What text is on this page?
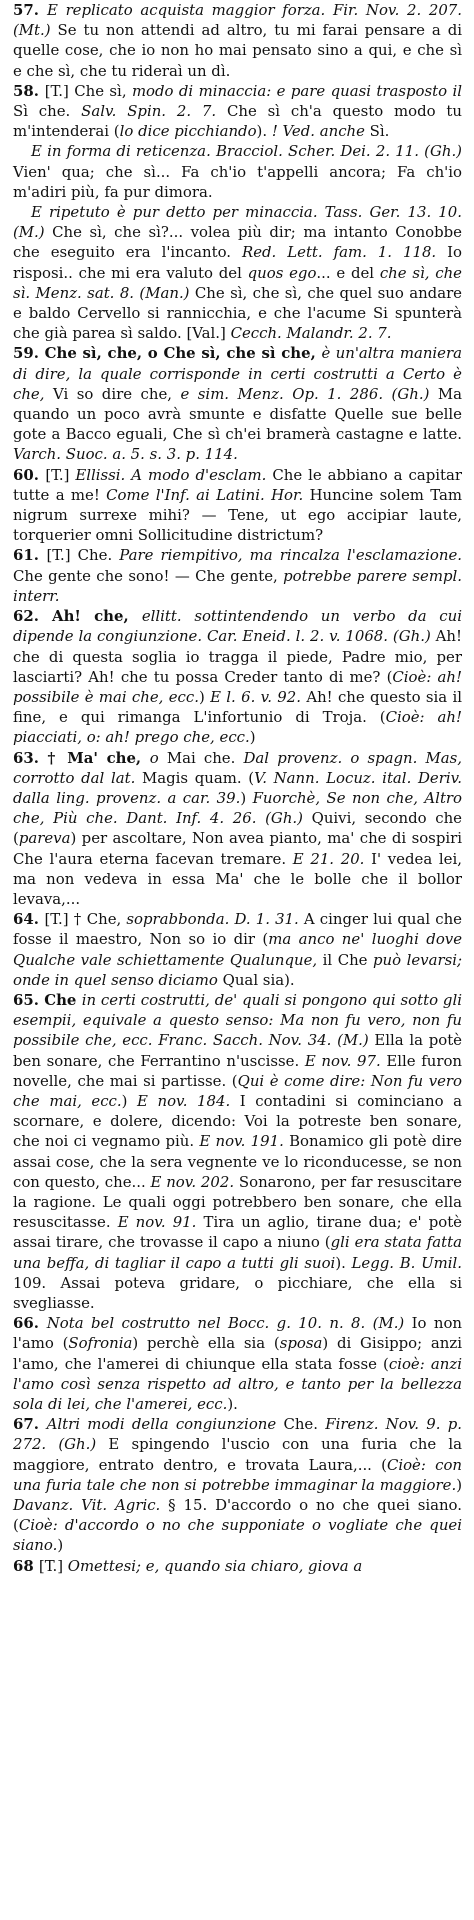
57. E replicato acquista maggior forza. Fir. Nov. 2. 207. (Mt.) Se tu non attendi ad altro, tu mi farai pensare a di quelle cose, che io non ho mai pensato sino a qui, e che sì e che sì, che tu rideraì un dì.

58. [T.] Che sì, modo di minaccia: e pare quasi trasposto il Sì che. Salv. Spin. 2. 7. Che sì ch'a questo modo tu m'intenderai (lo dice picchiando). ! Ved. anche Sì.

E in forma di reticenza. Bracciol. Scher. Dei. 2. 11. (Gh.) Vien' qua; che sì... Fa ch'io t'appelli ancora; Fa ch'io m'adiri più, fa pur dimora.

E ripetuto è pur detto per minaccia. Tass. Ger. 13. 10. (M.) Che sì, che sì?... volea più dir; ma intanto Conobbe che eseguito era l'incanto. Red. Lett. fam. 1. 118. Io risposi.. che mi era valuto del quos ego... e del che sì, che sì. Menz. sat. 8. (Man.) Che sì, che sì, che quel suo andare e baldo Cervello si rannicchia, e che l'acume Si spunterà che già parea sì saldo. [Val.] Cecch. Malandr. 2. 7.

59. Che sì, che, o Che sì, che sì che, è un'altra maniera di dire, la quale corrisponde in certi costrutti a Certo è che, Vi so dire che, e sim. Menz. Op. 1. 286. (Gh.) Ma quando un poco avrà smunte e disfatte Quelle sue belle gote a Bacco eguali, Che sì ch'ei bramerà castagne e latte. Varch. Suoc. a. 5. s. 3. p. 114.

60. [T.] Ellissi. A modo d'esclam. Che le abbiano a capitar tutte a me! Come l'Inf. ai Latini. Hor. Huncine solem Tam nigrum surrexe mihi? — Tene, ut ego accipiar laute, torquerier omni Sollicitudine districtum?

61. [T.] Che. Pare riempitivo, ma rincalza l'esclamazione. Che gente che sono! — Che gente, potrebbe parere sempl. interr.

62. Ah! che, ellitt. sottintendendo un verbo da cui dipende la congiunzione. Car. Eneid. l. 2. v. 1068. (Gh.) Ah! che di questa soglia io tragga il piede, Padre mio, per lasciarti? Ah! che tu possa Creder tanto di me? (Cioè: ah! possibile è mai che, ecc.) E l. 6. v. 92. Ah! che questo sia il fine, e qui rimanga L'infortunio di Troja. (Cioè: ah! piacciati, o: ah! prego che, ecc.)

63. † Ma' che, o Mai che. Dal provenz. o spagn. Mas, corrotto dal lat. Magis quam. (V. Nann. Locuz. ital. Deriv. dalla ling. provenz. a car. 39.) Fuorchè, Se non che, Altro che, Più che. Dant. Inf. 4. 26. (Gh.) Quivi, secondo che (pareva) per ascoltare, Non avea pianto, ma' che di sospiri Che l'aura eterna facevan tremare. E 21. 20. I' vedea lei, ma non vedeva in essa Ma' che le bolle che il bollor levava,...

64. [T.] † Che, soprabbonda. D. 1. 31. A cinger lui qual che fosse il maestro, Non so io dir (ma anco ne' luoghi dove Qualche vale schiettamente Qualunque, il Che può levarsi; onde in quel senso diciamo Qual sia).

65. Che in certi costrutti, de' quali si pongono qui sotto gli esempii, equivale a questo senso: Ma non fu vero, non fu possibile che, ecc. Franc. Sacch. Nov. 34. (M.) Ella la potè ben sonare, che Ferrantino n'uscisse. E nov. 97. Elle furon novelle, che mai si partisse. (Qui è come dire: Non fu vero che mai, ecc.) E nov. 184. I contadini si cominciano a scornare, e dolere, dicendo: Voi la potreste ben sonare, che noi ci vegnamo più. E nov. 191. Bonamico gli potè dire assai cose, che la sera vegnente ve lo riconducesse, se non con questo, che... E nov. 202. Sonarono, per far resuscitare la ragione. Le quali oggi potrebbero ben sonare, che ella resuscitasse. E nov. 91. Tira un aglio, tirane dua; e' potè assai tirare, che trovasse il capo a niuno (gli era stata fatta una beffa, di tagliar il capo a tutti gli suoi). Legg. B. Umil. 109. Assai poteva gridare, o picchiare, che ella si svegliasse.

66. Nota bel costrutto nel Bocc. g. 10. n. 8. (M.) Io non l'amo (Sofronia) perchè ella sia (sposa) di Gisippo; anzi l'amo, che l'amerei di chiunque ella stata fosse (cioè: anzi l'amo così senza rispetto ad altro, e tanto per la bellezza sola di lei, che l'amerei, ecc.).

67. Altri modi della congiunzione Che. Firenz. Nov. 9. p. 272. (Gh.) E spingendo l'uscio con una furia che la maggiore, entrato dentro, e trovata Laura,... (Cioè: con una furia tale che non si potrebbe immaginar la maggiore.) Davanz. Vit. Agric. § 15. D'accordo o no che quei siano. (Cioè: d'accordo o no che supponiate o vogliate che quei siano.)

68 [T.] Omettesi; e, quando sia chiaro, giova a
